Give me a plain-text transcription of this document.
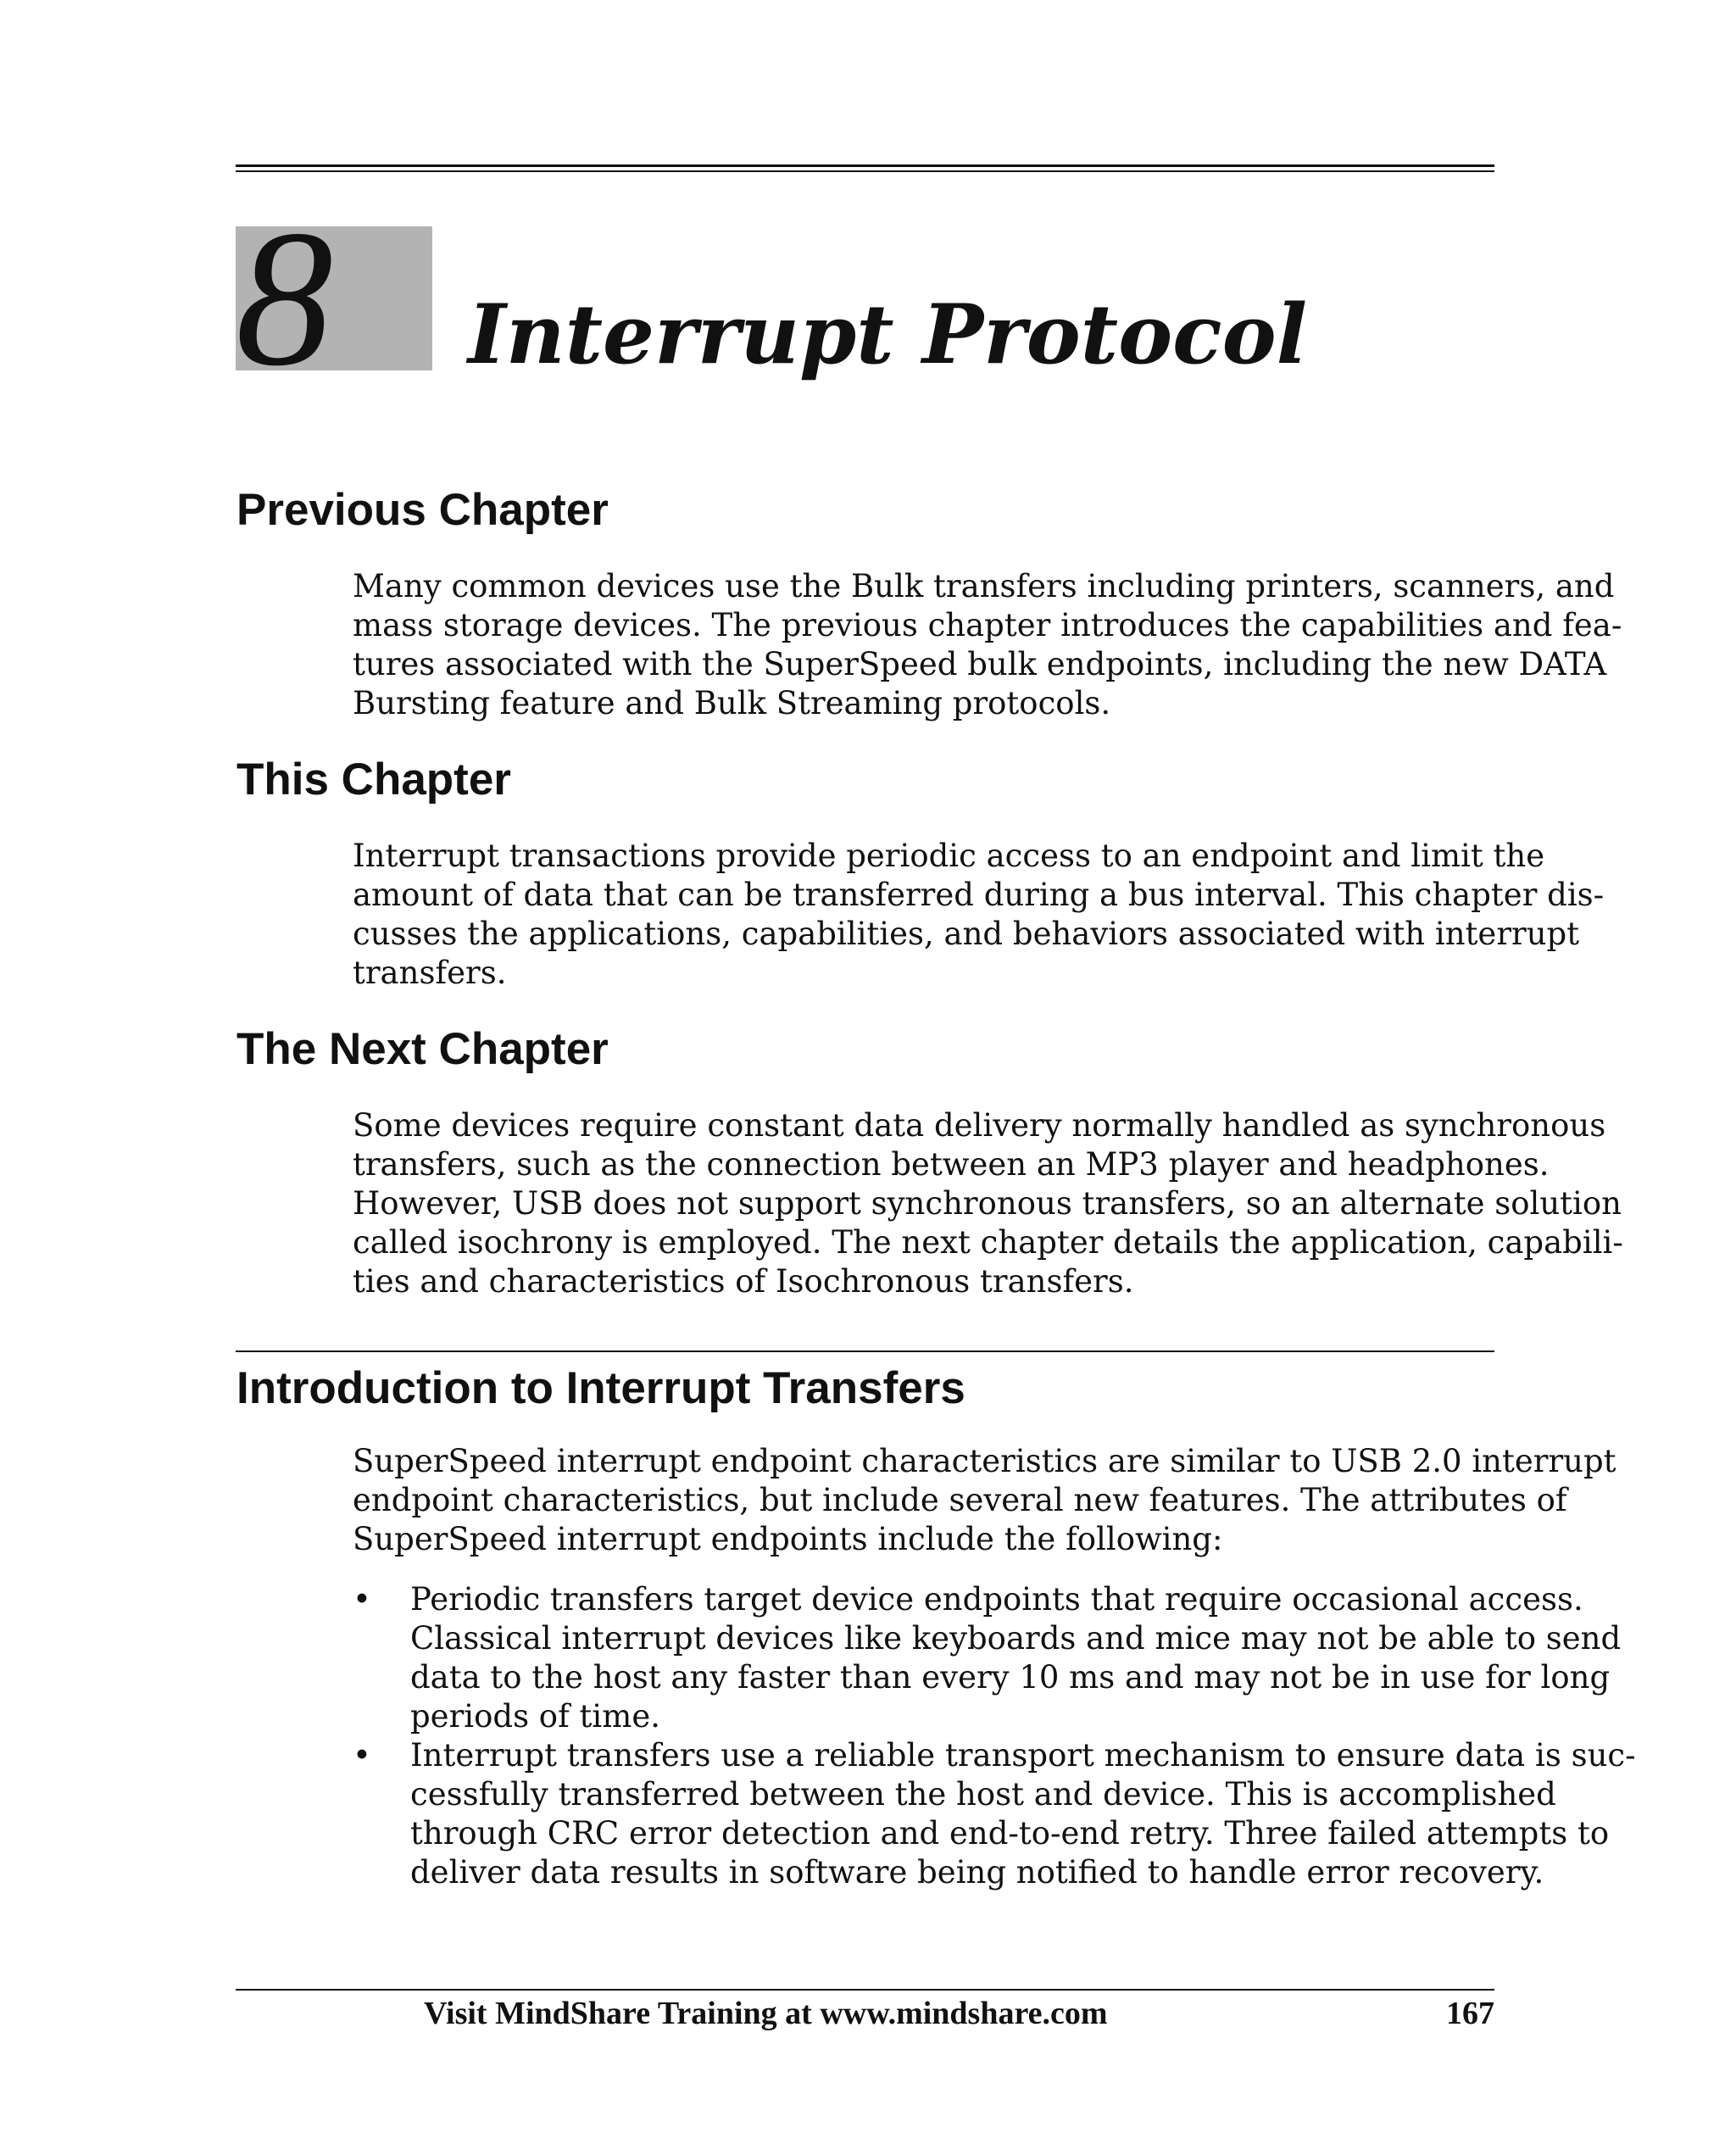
8 Interrupt Protocol
Previous Chapter

Many common devices use the Bulk transfers including printers, scanners, and
mass storage devices. The previous chapter introduces the capabilities and fea-
tures associated with the SuperSpeed bulk endpoints, including the new DATA
Bursting feature and Bulk Streaming protocols.

This Chapter

Interrupt transactions provide periodic access to an endpoint and limit the
amount of data that can be transferred during a bus interval. This chapter dis-
cusses the applications, capabilities, and behaviors associated with interrupt
transfers.

The Next Chapter

Some devices require constant data delivery normally handled as synchronous
transfers, such as the connection between an MP3 player and headphones.
However, USB does not support synchronous transfers, so an alternate solution
called isochrony is employed. The next chapter details the application, capabili-
ties and characteristics of Isochronous transfers.

Introduction to Interrupt Transfers

SuperSpeed interrupt endpoint characteristics are similar to USB 2.0 interrupt
endpoint characteristics, but include several new features. The attributes of
SuperSpeed interrupt endpoints include the following:

• Periodic transfers target device endpoints that require occasional access.
Classical interrupt devices like keyboards and mice may not be able to send
data to the host any faster than every 10 ms and may not be in use for long
periods of time.
• Interrupt transfers use a reliable transport mechanism to ensure data is suc-
cessfully transferred between the host and device. This is accomplished
through CRC error detection and end-to-end retry. Three failed attempts to
deliver data results in software being notified to handle error recovery.
Visit MindShare Training at www.mindshare.com	167
